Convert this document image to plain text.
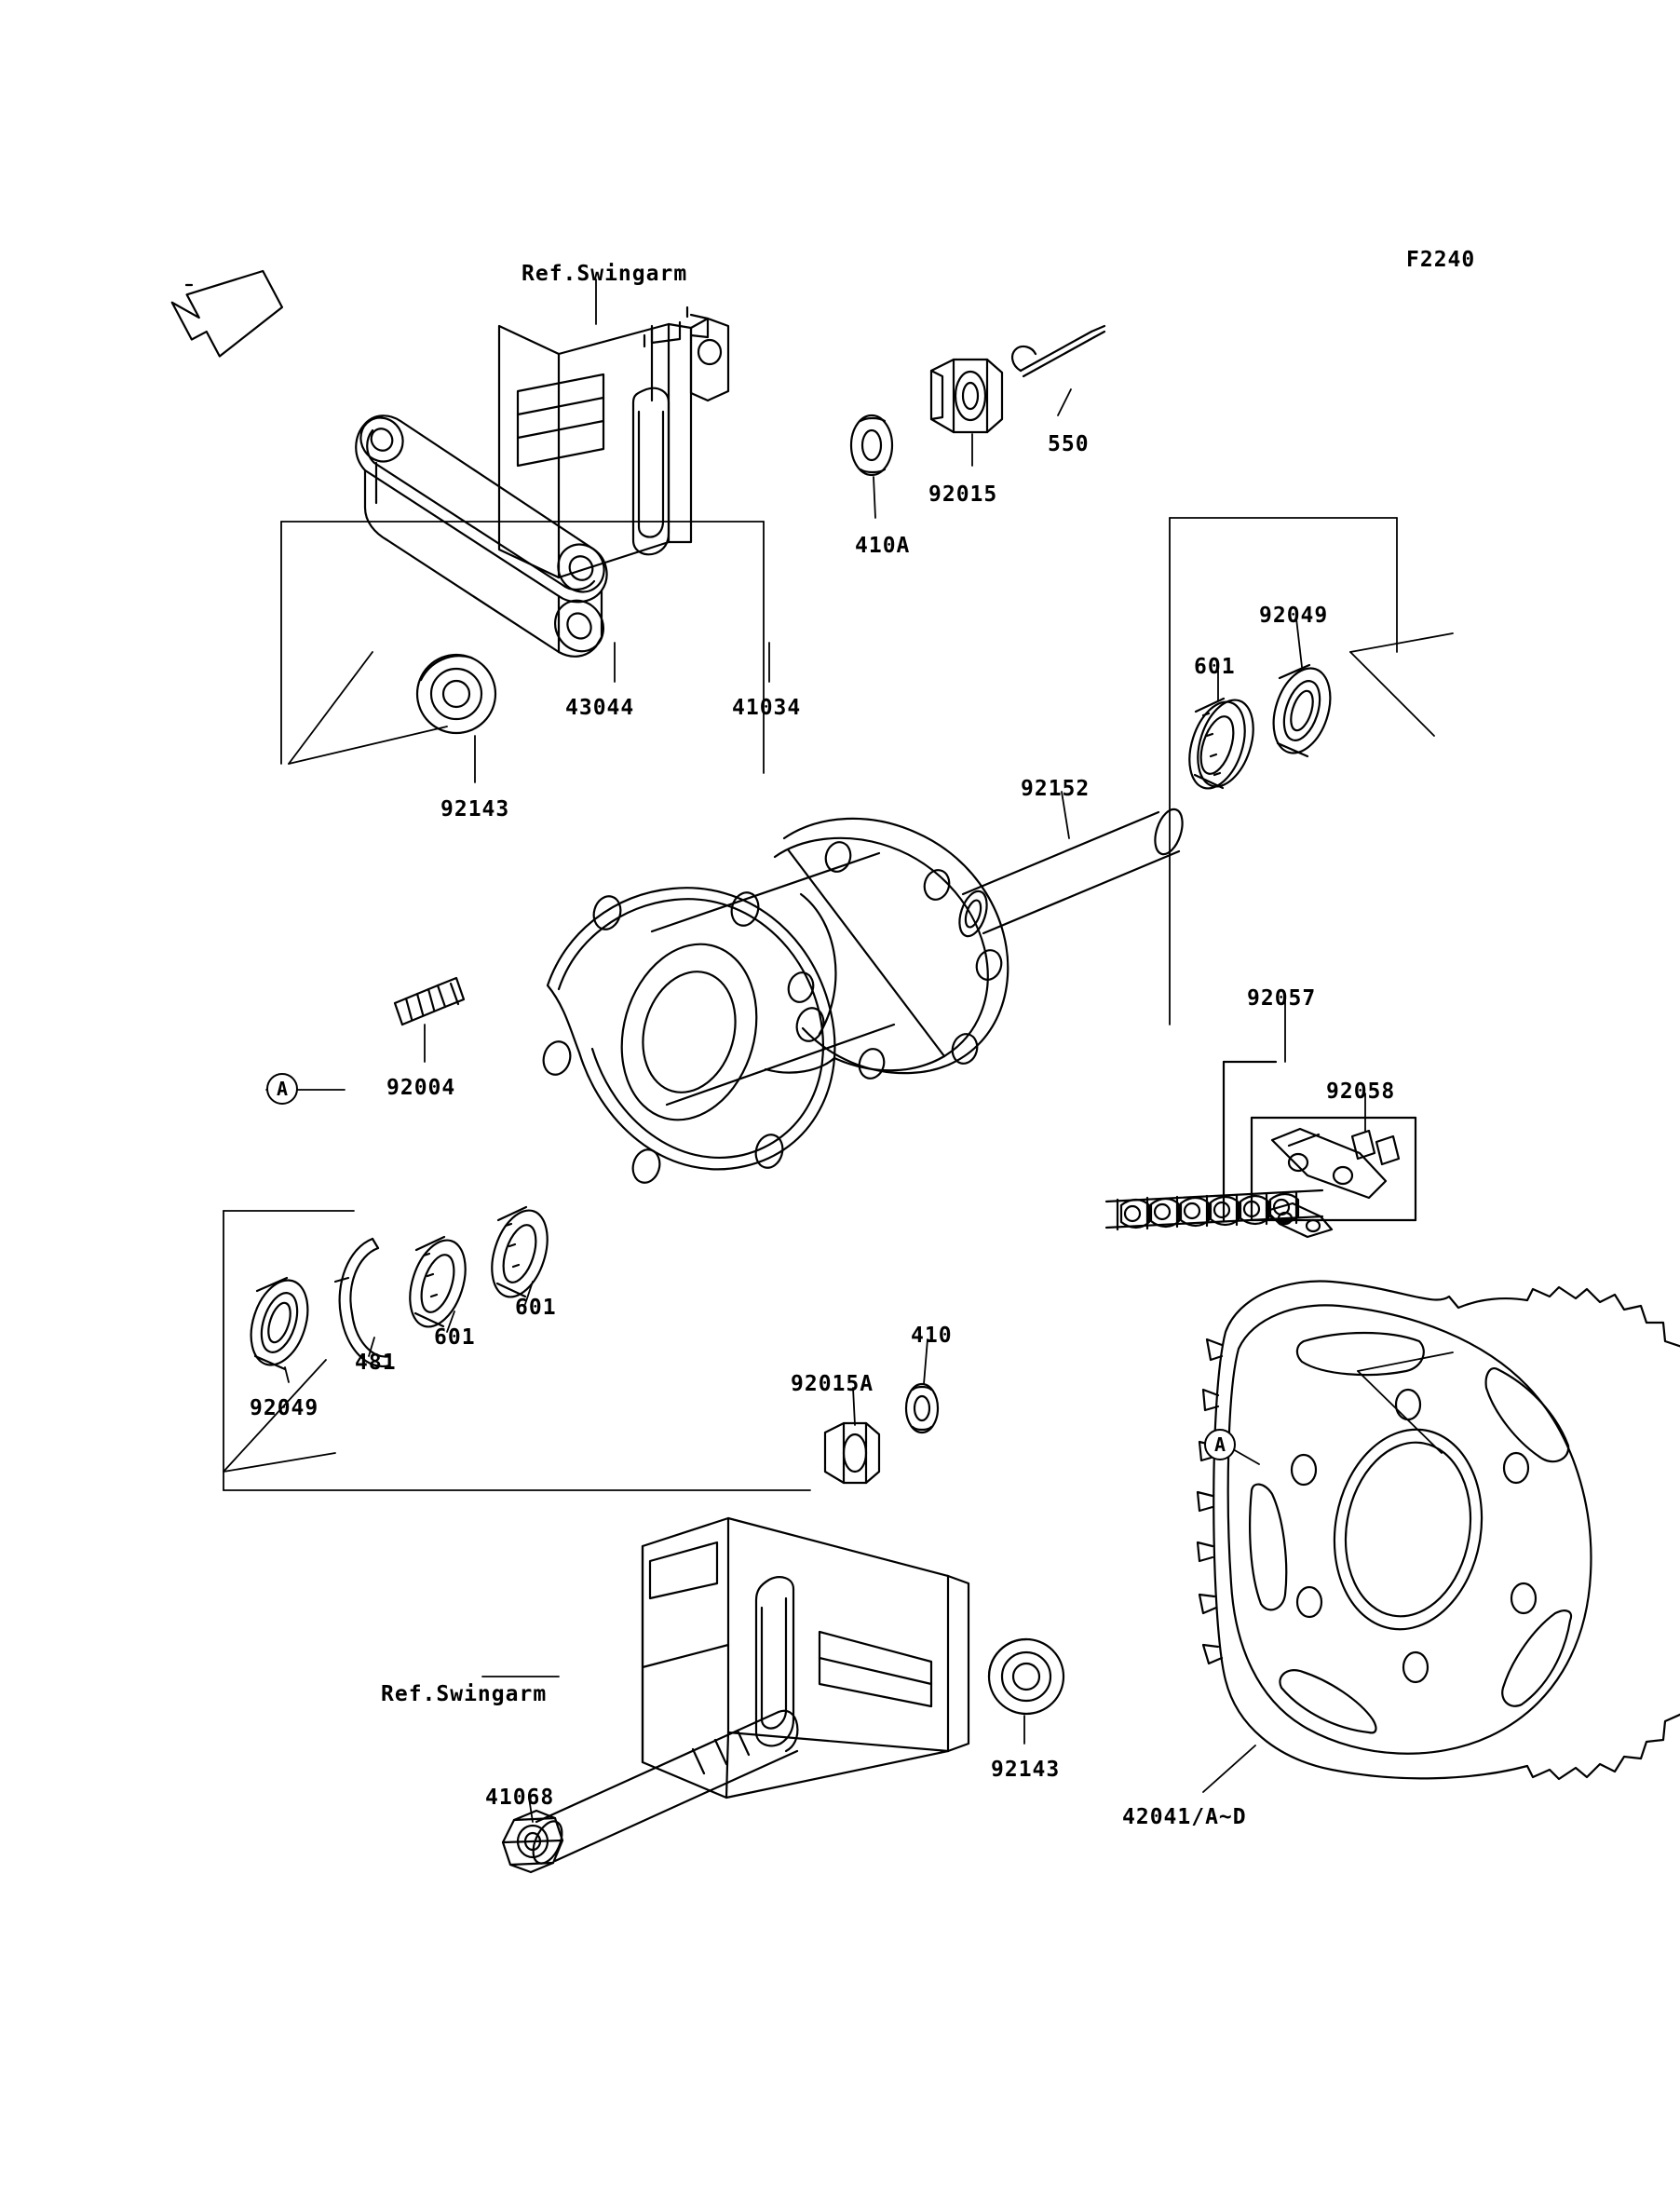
F2240
Ref.Swingarm
550
92015
410A
92049
601
43044	41034
92152
92143
92057
92058
92004
601
601
481
92049
410
92015A
Ref.Swingarm
92143
42041/A~D
41068
A
A
